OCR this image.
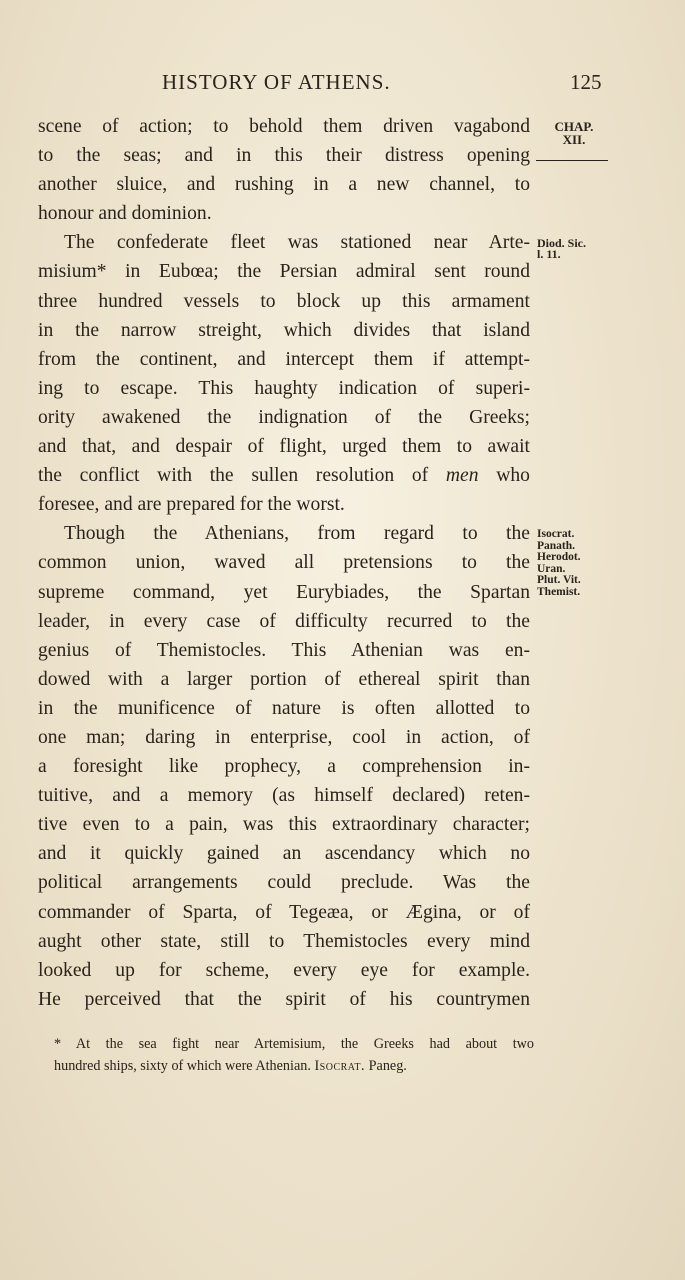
HISTORY OF ATHENS.	125
CHAP.
XII.
Diod. Sic.
l. 11.
Isocrat.
Panath.
Herodot.
Uran.
Plut. Vit.
Themist.

scene of action; to behold them driven vagabond
to the seas; and in this their distress opening
another sluice, and rushing in a new channel, to
honour and dominion.

The confederate fleet was stationed near Arte-
misium* in Eubœa; the Persian admiral sent round
three hundred vessels to block up this armament
in the narrow streight, which divides that island
from the continent, and intercept them if attempt-
ing to escape. This haughty indication of superi-
ority awakened the indignation of the Greeks;
and that, and despair of flight, urged them to await
the conflict with the sullen resolution of men who
foresee, and are prepared for the worst.

Though the Athenians, from regard to the
common union, waved all pretensions to the
supreme command, yet Eurybiades, the Spartan
leader, in every case of difficulty recurred to the
genius of Themistocles. This Athenian was en-
dowed with a larger portion of ethereal spirit than
in the munificence of nature is often allotted to
one man; daring in enterprise, cool in action, of
a foresight like prophecy, a comprehension in-
tuitive, and a memory (as himself declared) reten-
tive even to a pain, was this extraordinary character;
and it quickly gained an ascendancy which no
political arrangements could preclude. Was the
commander of Sparta, of Tegeæa, or Ægina, or of
aught other state, still to Themistocles every mind
looked up for scheme, every eye for example.
He perceived that the spirit of his countrymen

* At the sea fight near Artemisium, the Greeks had about two
hundred ships, sixty of which were Athenian. Isocrat. Paneg.
